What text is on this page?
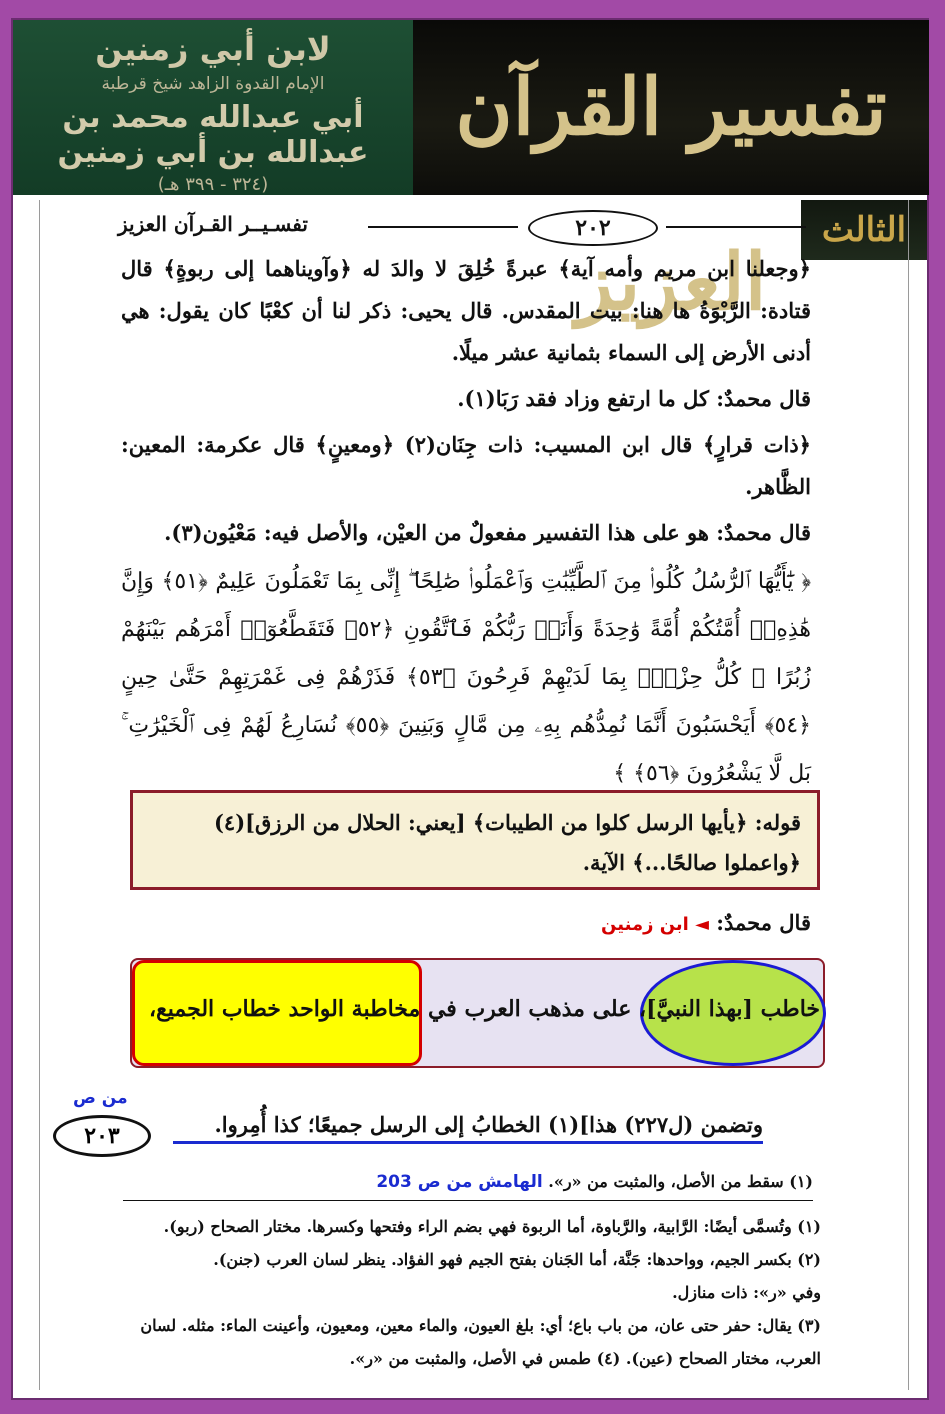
لابن أبي زمنين
الإمام القدوة الزاهد شيخ قرطبة
أبي عبدالله محمد بن عبدالله بن أبي زمنين
(٣٢٤ - ٣٩٩ هـ)
تفسير القرآن العزيز
الثالث
تفسـيــر القـرآن العزيز	٢٠٢

﴿وجعلنا ابن مريم وأمه آية﴾ عبرةً خُلِقَ لا والدَ له ﴿وآويناهما إلى ربوةٍ﴾ قال قتادة: الرَّبْوَةُ ها هنا: بيت المقدس. قال يحيى: ذكر لنا أن كعْبًا كان يقول: هي أدنى الأرض إلى السماء بثمانية عشر ميلًا.

قال محمدٌ: كل ما ارتفع وزاد فقد رَبَا(١).

﴿ذات قرارٍ﴾ قال ابن المسيب: ذات جِنَان(٢) ﴿ومعينٍ﴾ قال عكرمة: المعين: الظَّاهر.

قال محمدٌ: هو على هذا التفسير مفعولٌ من العيْن، والأصل فيه: مَعْيُون(٣).

﴿ يَٰٓأَيُّهَا ٱلرُّسُلُ كُلُوا۟ مِنَ ٱلطَّيِّبَٰتِ وَٱعْمَلُوا۟ صَٰلِحًا ۖ إِنِّى بِمَا تَعْمَلُونَ عَلِيمٌ ﴿٥١﴾ وَإِنَّ هَٰذِهِۦٓ أُمَّتُكُمْ أُمَّةً وَٰحِدَةً وَأَنَا۠ رَبُّكُمْ فَٱتَّقُونِ ﴿٥٢﴾ فَتَقَطَّعُوٓا۟ أَمْرَهُم بَيْنَهُمْ زُبُرًا ۖ كُلُّ حِزْبٍۭ بِمَا لَدَيْهِمْ فَرِحُونَ ﴿٥٣﴾ فَذَرْهُمْ فِى غَمْرَتِهِمْ حَتَّىٰ حِينٍ ﴿٥٤﴾ أَيَحْسَبُونَ أَنَّمَا نُمِدُّهُم بِهِۦ مِن مَّالٍ وَبَنِينَ ﴿٥٥﴾ نُسَارِعُ لَهُمْ فِى ٱلْخَيْرَٰتِ ۚ بَل لَّا يَشْعُرُونَ ﴿٥٦﴾ ﴾

قوله: ﴿يأيها الرسل كلوا من الطيبات﴾ [يعني: الحلال من الرزق](٤) ﴿واعملوا صالحًا...﴾ الآية.
قال محمدٌ: ◄ ابن زمنين
خاطب [بهذا النبيَّ]، على مذهب العرب في مخاطبة الواحد خطاب الجميع،
من ص
٢٠٣	وتضمن (ل٢٢٧) هذا](١) الخطابُ إلى الرسل جميعًا؛ كذا أُمِروا.
(١) سقط من الأصل، والمثبت من «ر». الهامش من ص 203

(١) وتُسمَّى أيضًا: الرَّابية، والرَّباوة، أما الربوة فهي بضم الراء وفتحها وكسرها. مختار الصحاح (ربو).

(٢) بكسر الجيم، وواحدها: جَنَّة، أما الجَنان بفتح الجيم فهو الفؤاد. ينظر لسان العرب (جنن).

وفي «ر»: ذات منازل.

(٣) يقال: حفر حتى عان، من باب باع؛ أي: بلغ العيون، والماء معين، ومعيون، وأعينت الماء: مثله. لسان العرب، مختار الصحاح (عين). (٤) طمس في الأصل، والمثبت من «ر».
